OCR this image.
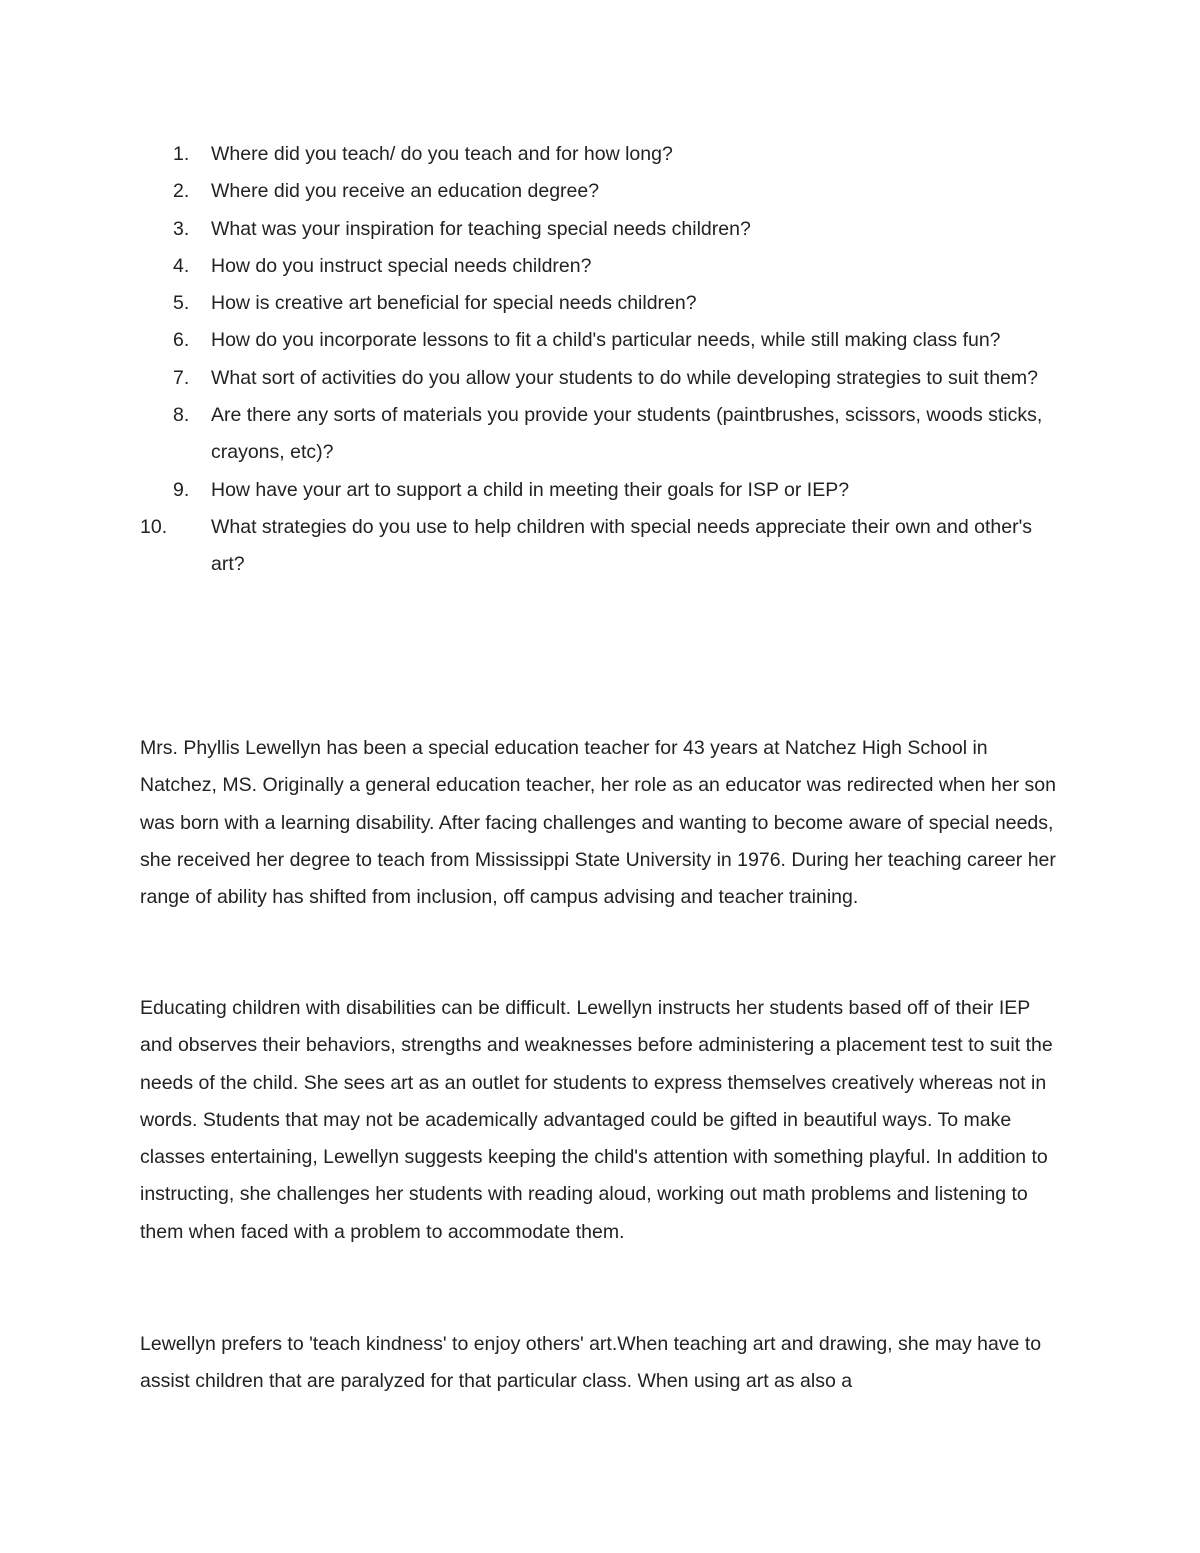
1. Where did you teach/ do you teach and for how long?
2. Where did you receive an education degree?
3. What was your inspiration for teaching special needs children?
4. How do you instruct special needs children?
5. How is creative art beneficial for special needs children?
6. How do you incorporate lessons to fit a child's particular needs, while still making class fun?
7. What sort of activities do you allow your students to do while developing strategies to suit them?
8. Are there any sorts of materials you provide your students (paintbrushes, scissors, woods sticks, crayons, etc)?
9. How have your art to support a child in meeting their goals for ISP or IEP?
10.	What strategies do you use to help children with special needs appreciate their own and other's art?

Mrs. Phyllis Lewellyn has been a special education teacher for 43 years at Natchez High School in Natchez, MS. Originally a general education teacher, her role as an educator was redirected when her son was born with a learning disability. After facing challenges and wanting to become aware of special needs, she received her degree to teach from Mississippi State University in 1976. During her teaching career her range of ability has shifted from inclusion, off campus advising and teacher training.

Educating children with disabilities can be difficult. Lewellyn instructs her students based off of their IEP and observes their behaviors, strengths and weaknesses before administering a placement test to suit the needs of the child. She sees art as an outlet for students to express themselves creatively whereas not in words. Students that may not be academically advantaged could be gifted in beautiful ways. To make classes entertaining, Lewellyn suggests keeping the child's attention with something playful. In addition to instructing, she challenges her students with reading aloud, working out math problems and listening to them when faced with a problem to accommodate them.

Lewellyn prefers to 'teach kindness' to enjoy others' art.When teaching art and drawing, she may have to assist children that are paralyzed for that particular class. When using art as also a
